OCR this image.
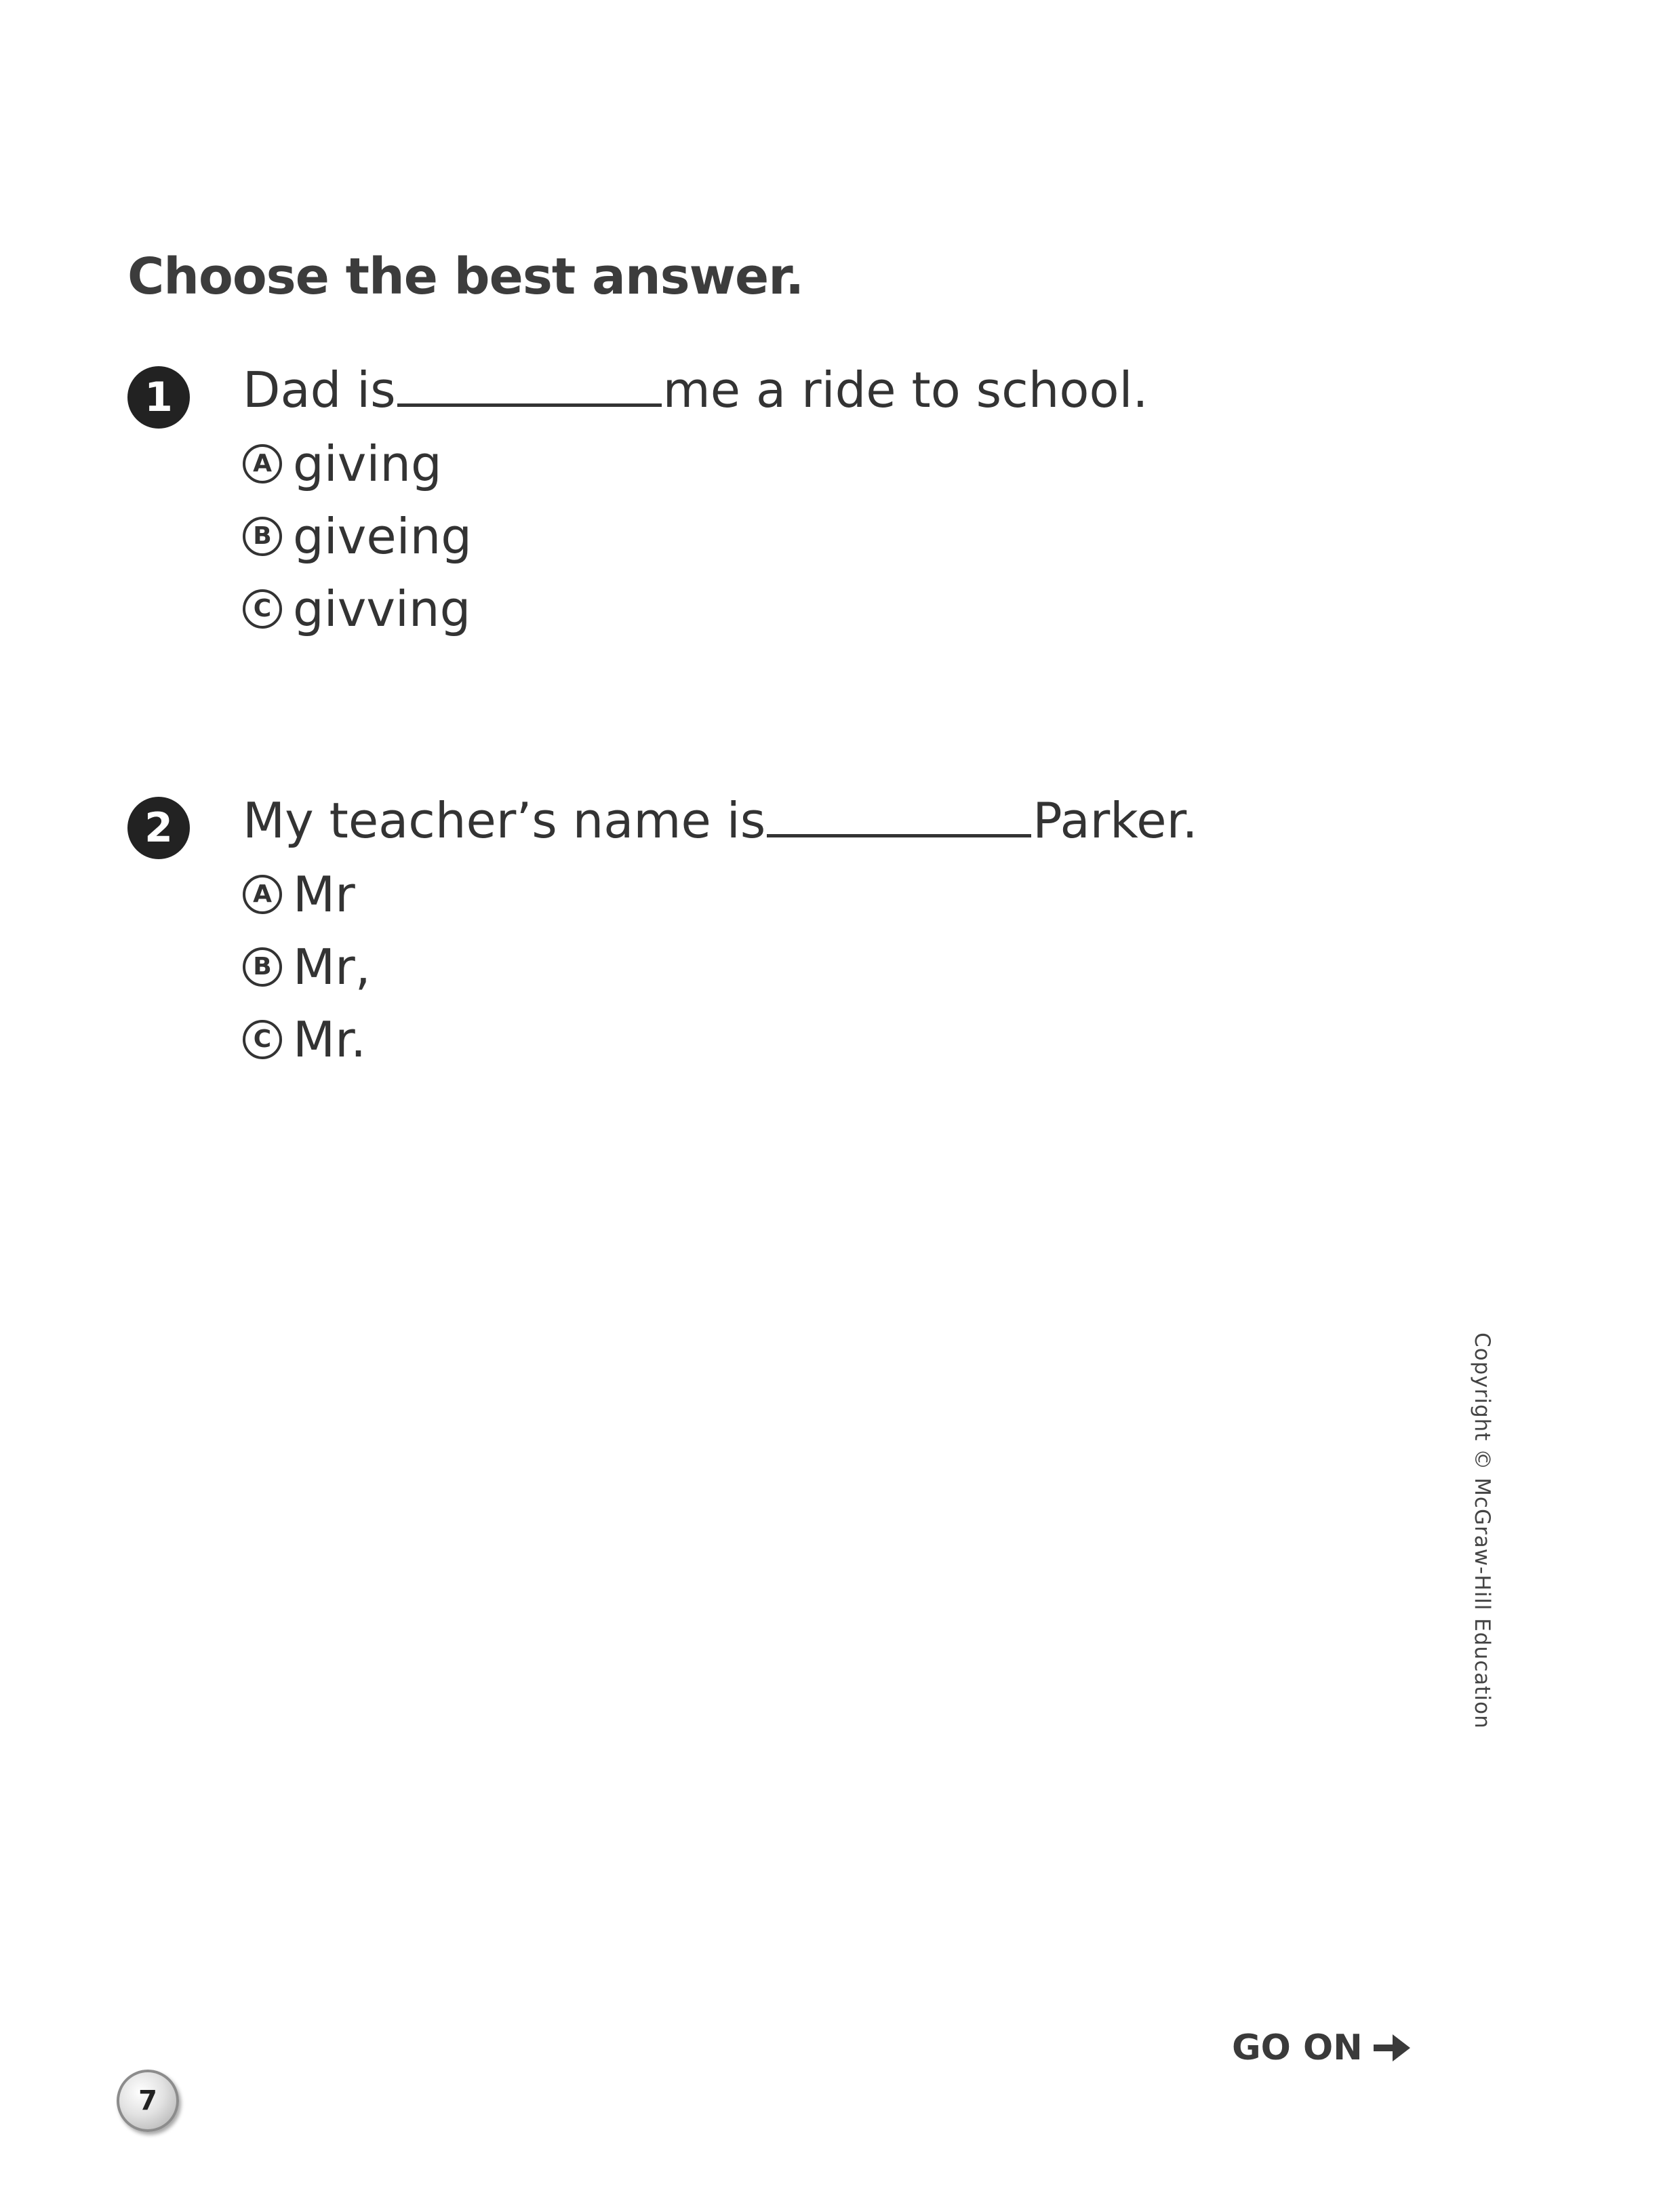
Choose the best answer.
1	Dad is	me a ride to school.
A giving
B giveing
C givving
2	My teacher’s name is	Parker.
A Mr
B Mr,
C Mr.
Copyright © McGraw-Hill Education
GO ON
7
